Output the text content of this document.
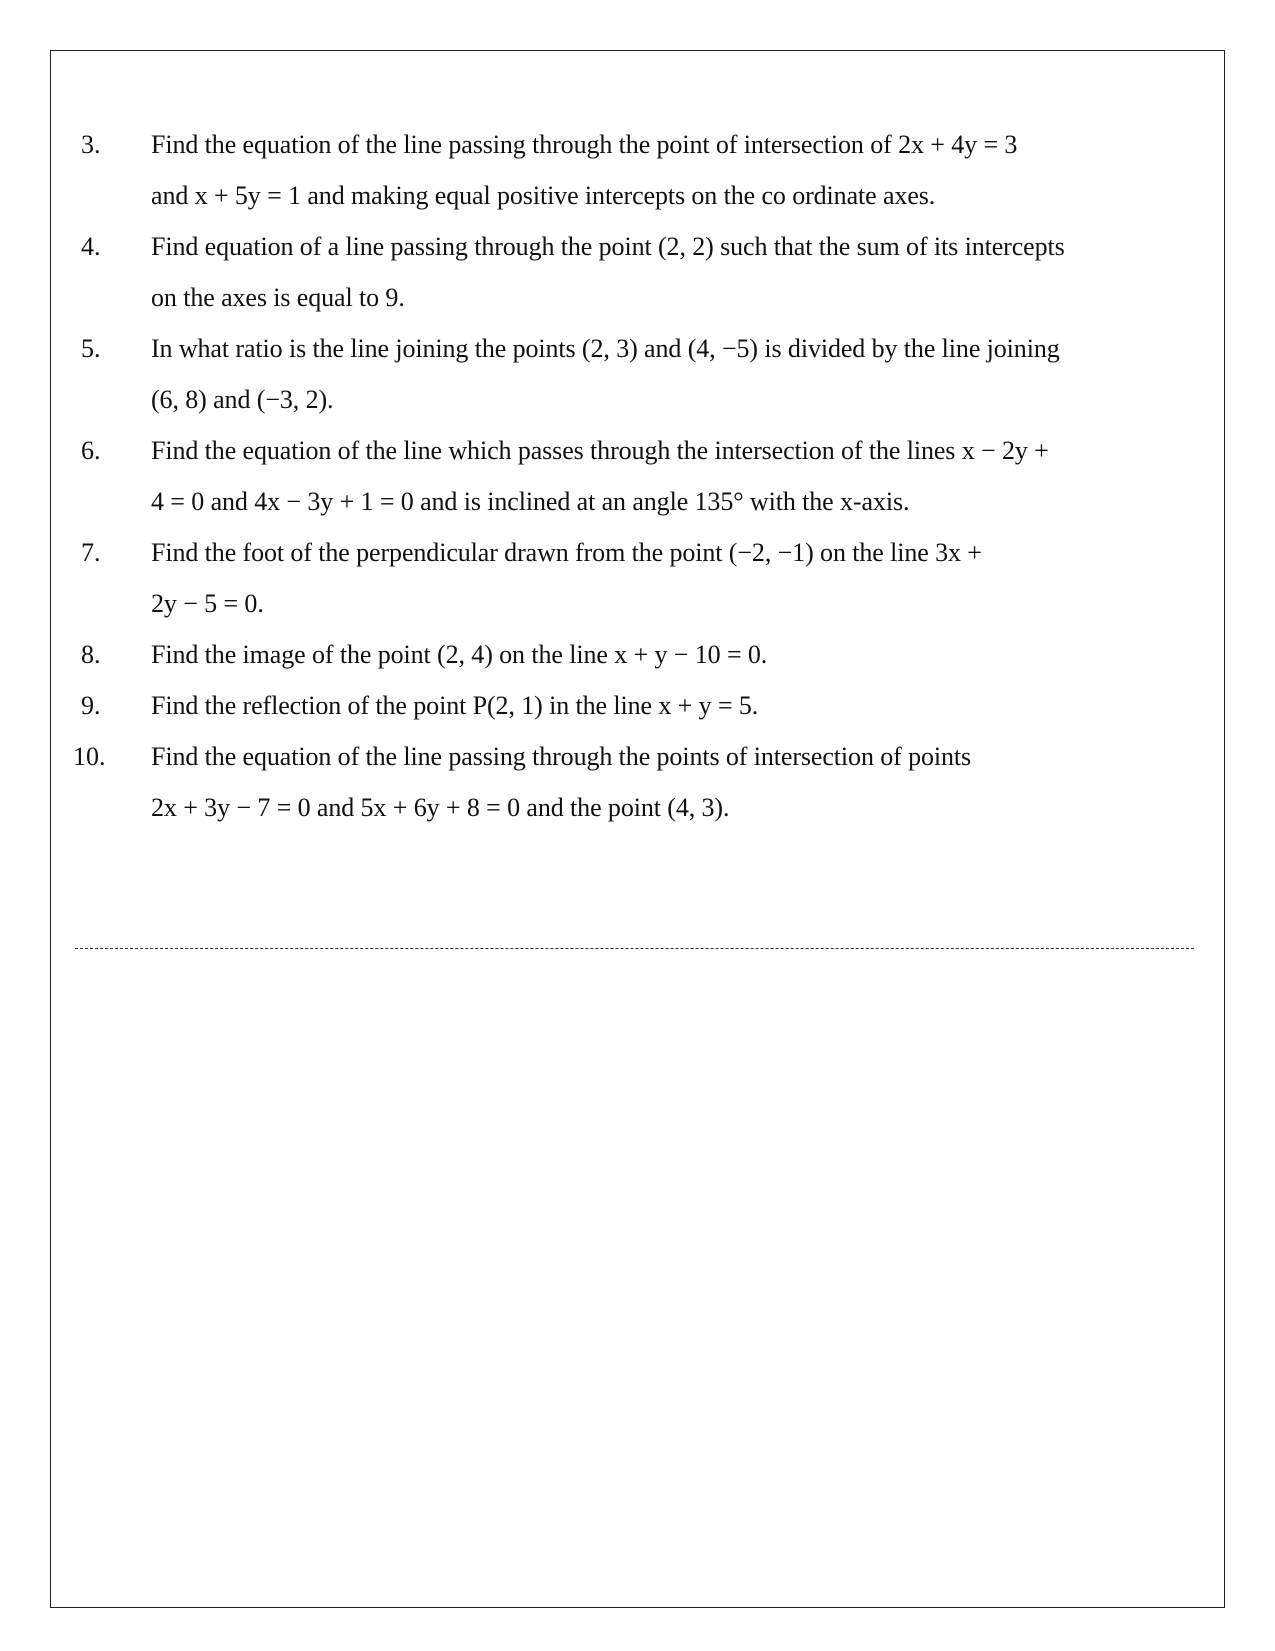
3.	Find the equation of the line passing through the point of intersection of 2x + 4y = 3
and x + 5y = 1 and making equal positive intercepts on the co ordinate axes.
4.	Find equation of a line passing through the point (2, 2) such that the sum of its intercepts
on the axes is equal to 9.
5.	In what ratio is the line joining the points (2, 3) and (4, −5) is divided by the line joining
(6, 8) and (−3, 2).
6.	Find the equation of the line which passes through the intersection of the lines x − 2y +
4 = 0 and 4x − 3y + 1 = 0 and is inclined at an angle 135° with the x-axis.
7.	Find the foot of the perpendicular drawn from the point (−2, −1) on the line 3x +
2y − 5 = 0.
8.	Find the image of the point (2, 4) on the line x + y − 10 = 0.
9.	Find the reflection of the point P(2, 1) in the line x + y = 5.
10.	Find the equation of the line passing through the points of intersection of points
2x + 3y − 7 = 0 and 5x + 6y + 8 = 0 and the point (4, 3).
